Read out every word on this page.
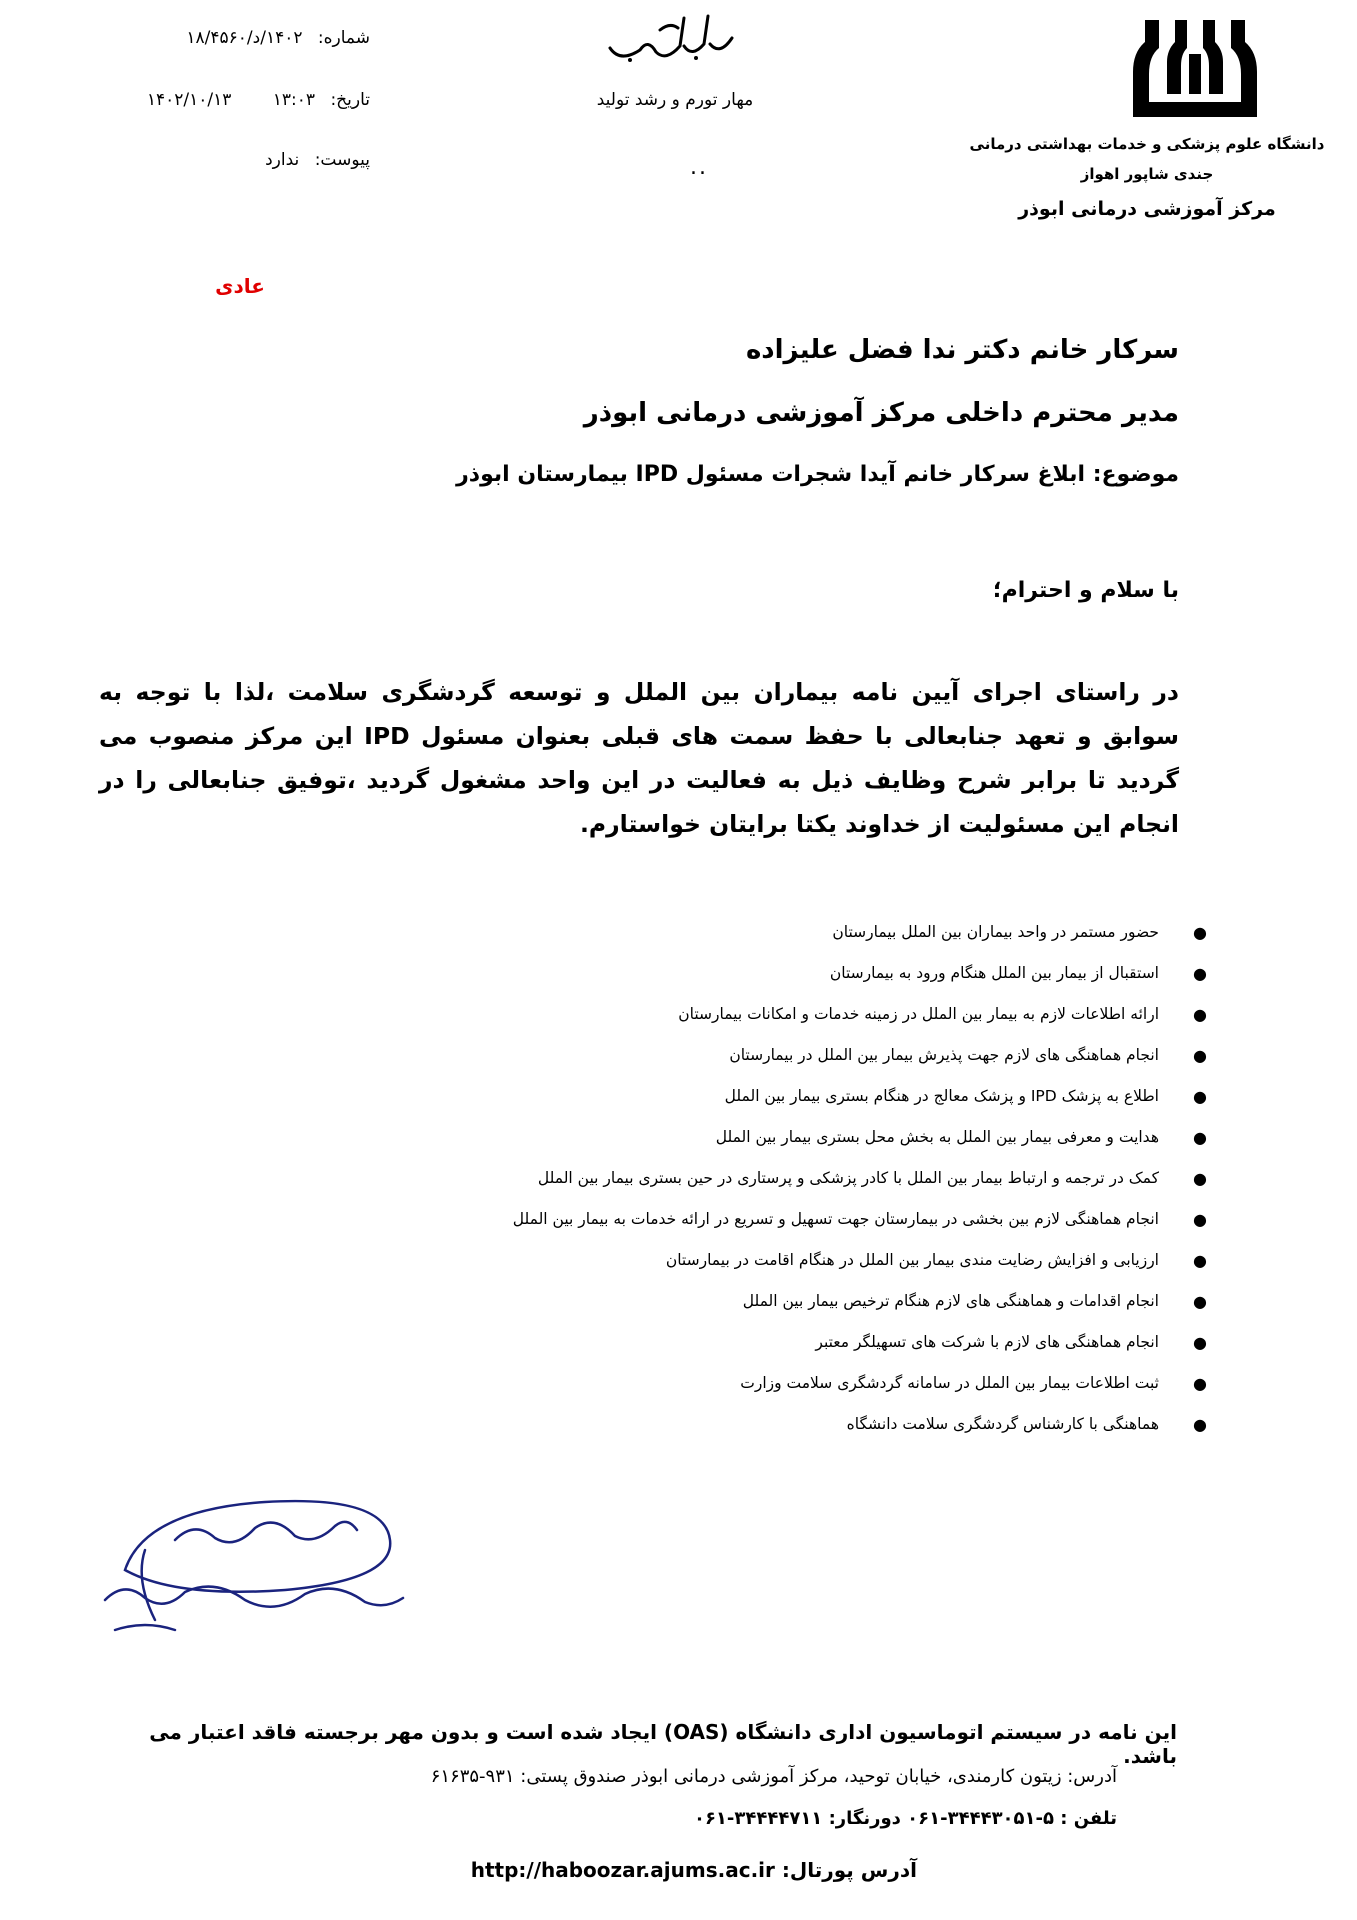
دانشگاه علوم پزشکی و خدمات بهداشتی درمانی
جندی شاپور اهواز
مرکز آموزشی درمانی ابوذر
مهار تورم و رشد تولید
..
شماره: ۱۴۰۲/د/۱۸/۴۵۶۰
تاریخ: ۱۳:۰۳ ۱۴۰۲/۱۰/۱۳
پیوست: ندارد
عادی
سرکار خانم دکتر ندا فضل علیزاده
مدیر محترم داخلی مرکز آموزشی درمانی ابوذر
موضوع: ابلاغ سرکار خانم آیدا شجرات مسئول IPD بیمارستان ابوذر
با سلام و احترام؛
در راستای اجرای آیین نامه بیماران بین الملل و توسعه گردشگری سلامت ،لذا با توجه به سوابق و تعهد جنابعالی با حفظ سمت های قبلی بعنوان مسئول IPD این مرکز منصوب می گردید تا برابر شرح وظایف ذیل به فعالیت در این واحد مشغول گردید ،توفیق جنابعالی را در انجام این مسئولیت از خداوند یکتا برایتان خواستارم.
●
حضور مستمر در واحد بیماران بین الملل بیمارستان
●
استقبال از بیمار بین الملل هنگام ورود به بیمارستان
●
ارائه اطلاعات لازم به بیمار بین الملل در زمینه خدمات و امکانات بیمارستان
●
انجام هماهنگی های لازم جهت پذیرش بیمار بین الملل در بیمارستان
●
اطلاع به پزشک IPD و پزشک معالج در هنگام بستری بیمار بین الملل
●
هدایت و معرفی بیمار بین الملل به بخش محل بستری بیمار بین الملل
●
کمک در ترجمه و ارتباط بیمار بین الملل با کادر پزشکی و پرستاری در حین بستری بیمار بین الملل
●
انجام هماهنگی لازم بین بخشی در بیمارستان جهت تسهیل و تسریع در ارائه خدمات به بیمار بین الملل
●
ارزیابی و افزایش رضایت مندی بیمار بین الملل در هنگام اقامت در بیمارستان
●
انجام اقدامات و هماهنگی های لازم هنگام ترخیص بیمار بین الملل
●
انجام هماهنگی های لازم با شرکت های تسهیلگر معتبر
●
ثبت اطلاعات بیمار بین الملل در سامانه گردشگری سلامت وزارت
●
هماهنگی با کارشناس گردشگری سلامت دانشگاه
این نامه در سیستم اتوماسیون اداری دانشگاه (OAS) ایجاد شده است و بدون مهر برجسته فاقد اعتبار می باشد.
آدرس: زیتون کارمندی، خیابان توحید، مرکز آموزشی درمانی ابوذر صندوق پستی: ۹۳۱-۶۱۶۳۵
تلفن : ۵-۳۴۴۴۳۰۵۱-۰۶۱ دورنگار: ۳۴۴۴۴۷۱۱-۰۶۱
آدرس پورتال: http://haboozar.ajums.ac.ir
